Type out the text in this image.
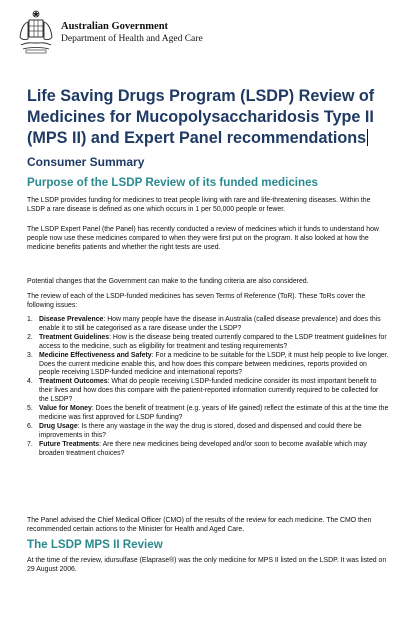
Australian Government
Department of Health and Aged Care
Life Saving Drugs Program (LSDP) Review of Medicines for Mucopolysaccharidosis Type II (MPS II) and Expert Panel recommendations
Consumer Summary
Purpose of the LSDP Review of its funded medicines
The LSDP provides funding for medicines to treat people living with rare and life-threatening diseases. Within the LSDP a rare disease is defined as one which occurs in 1 per 50,000 people or fewer.
The LSDP Expert Panel (the Panel) has recently conducted a review of medicines which it funds to understand how people now use these medicines compared to when they were first put on the program. It also looked at how the medicine benefits patients and whether the right tests are used.
Potential changes that the Government can make to the funding criteria are also considered.
The review of each of the LSDP-funded medicines has seven Terms of Reference (ToR). These ToRs cover the following issues:
1. Disease Prevalence: How many people have the disease in Australia (called disease prevalence) and does this enable it to still be categorised as a rare disease under the LSDP?
2. Treatment Guidelines: How is the disease being treated currently compared to the LSDP treatment guidelines for access to the medicine, such as eligibility for treatment and testing requirements?
3. Medicine Effectiveness and Safety: For a medicine to be suitable for the LSDP, it must help people to live longer. Does the current medicine enable this, and how does this compare between medicines, reports provided on people receiving LSDP-funded medicine and international reports?
4. Treatment Outcomes: What do people receiving LSDP-funded medicine consider its most important benefit to their lives and how does this compare with the patient-reported information currently required to be collected for the LSDP?
5. Value for Money: Does the benefit of treatment (e.g. years of life gained) reflect the estimate of this at the time the medicine was first approved for LSDP funding?
6. Drug Usage: Is there any wastage in the way the drug is stored, dosed and dispensed and could there be improvements in this?
7. Future Treatments: Are there new medicines being developed and/or soon to become available which may broaden treatment choices?
The Panel advised the Chief Medical Officer (CMO) of the results of the review for each medicine. The CMO then recommended certain actions to the Minister for Health and Aged Care.
The LSDP MPS II Review
At the time of the review, idursulfase (Elaprase®) was the only medicine for MPS II listed on the LSDP. It was listed on 29 August 2006.
